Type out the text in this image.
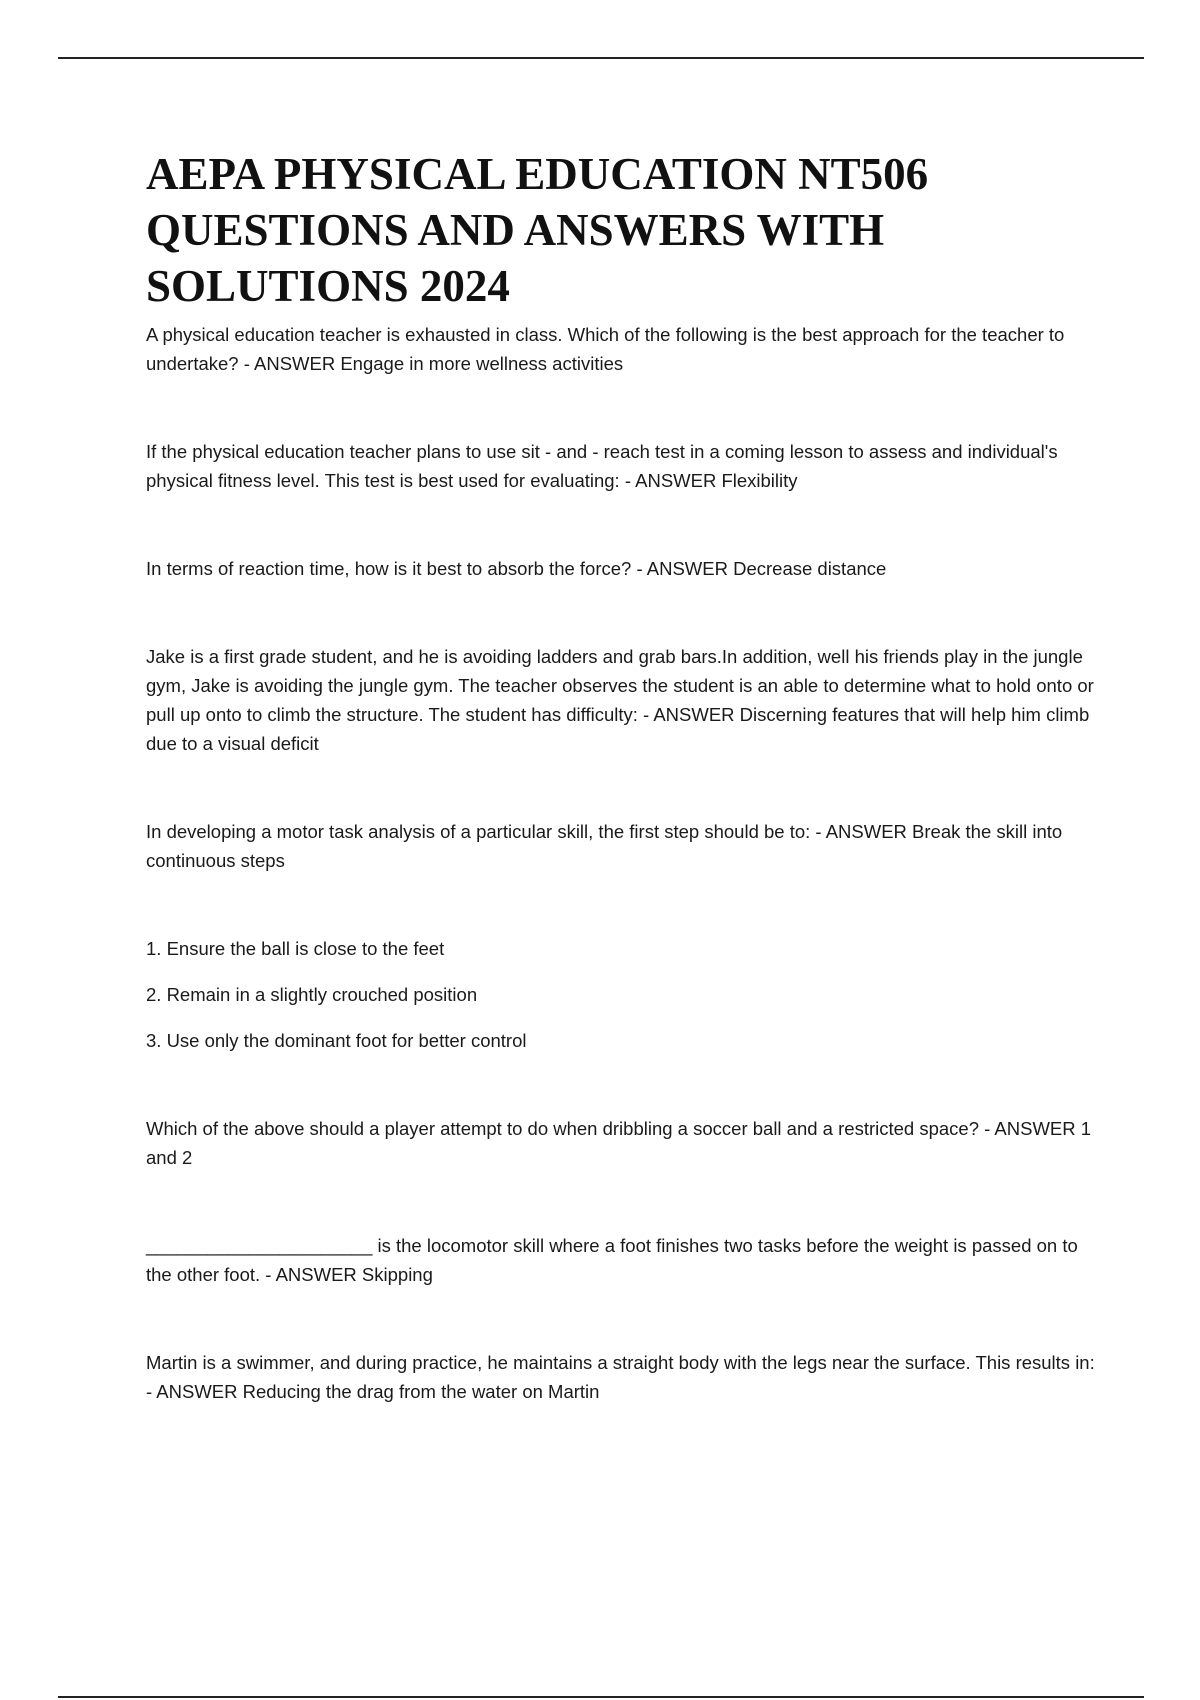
AEPA PHYSICAL EDUCATION NT506 QUESTIONS AND ANSWERS WITH SOLUTIONS 2024

A physical education teacher is exhausted in class. Which of the following is the best approach for the teacher to undertake? - ANSWER Engage in more wellness activities

If the physical education teacher plans to use sit - and - reach test in a coming lesson to assess and individual's physical fitness level. This test is best used for evaluating: - ANSWER Flexibility

In terms of reaction time, how is it best to absorb the force? - ANSWER Decrease distance

Jake is a first grade student, and he is avoiding ladders and grab bars.In addition, well his friends play in the jungle gym, Jake is avoiding the jungle gym. The teacher observes the student is an able to determine what to hold onto or pull up onto to climb the structure. The student has difficulty: - ANSWER Discerning features that will help him climb due to a visual deficit

In developing a motor task analysis of a particular skill, the first step should be to: - ANSWER Break the skill into continuous steps

1. Ensure the ball is close to the feet

2. Remain in a slightly crouched position

3. Use only the dominant foot for better control

Which of the above should a player attempt to do when dribbling a soccer ball and a restricted space? - ANSWER 1 and 2

______________________ is the locomotor skill where a foot finishes two tasks before the weight is passed on to the other foot. - ANSWER Skipping

Martin is a swimmer, and during practice, he maintains a straight body with the legs near the surface. This results in: - ANSWER Reducing the drag from the water on Martin
